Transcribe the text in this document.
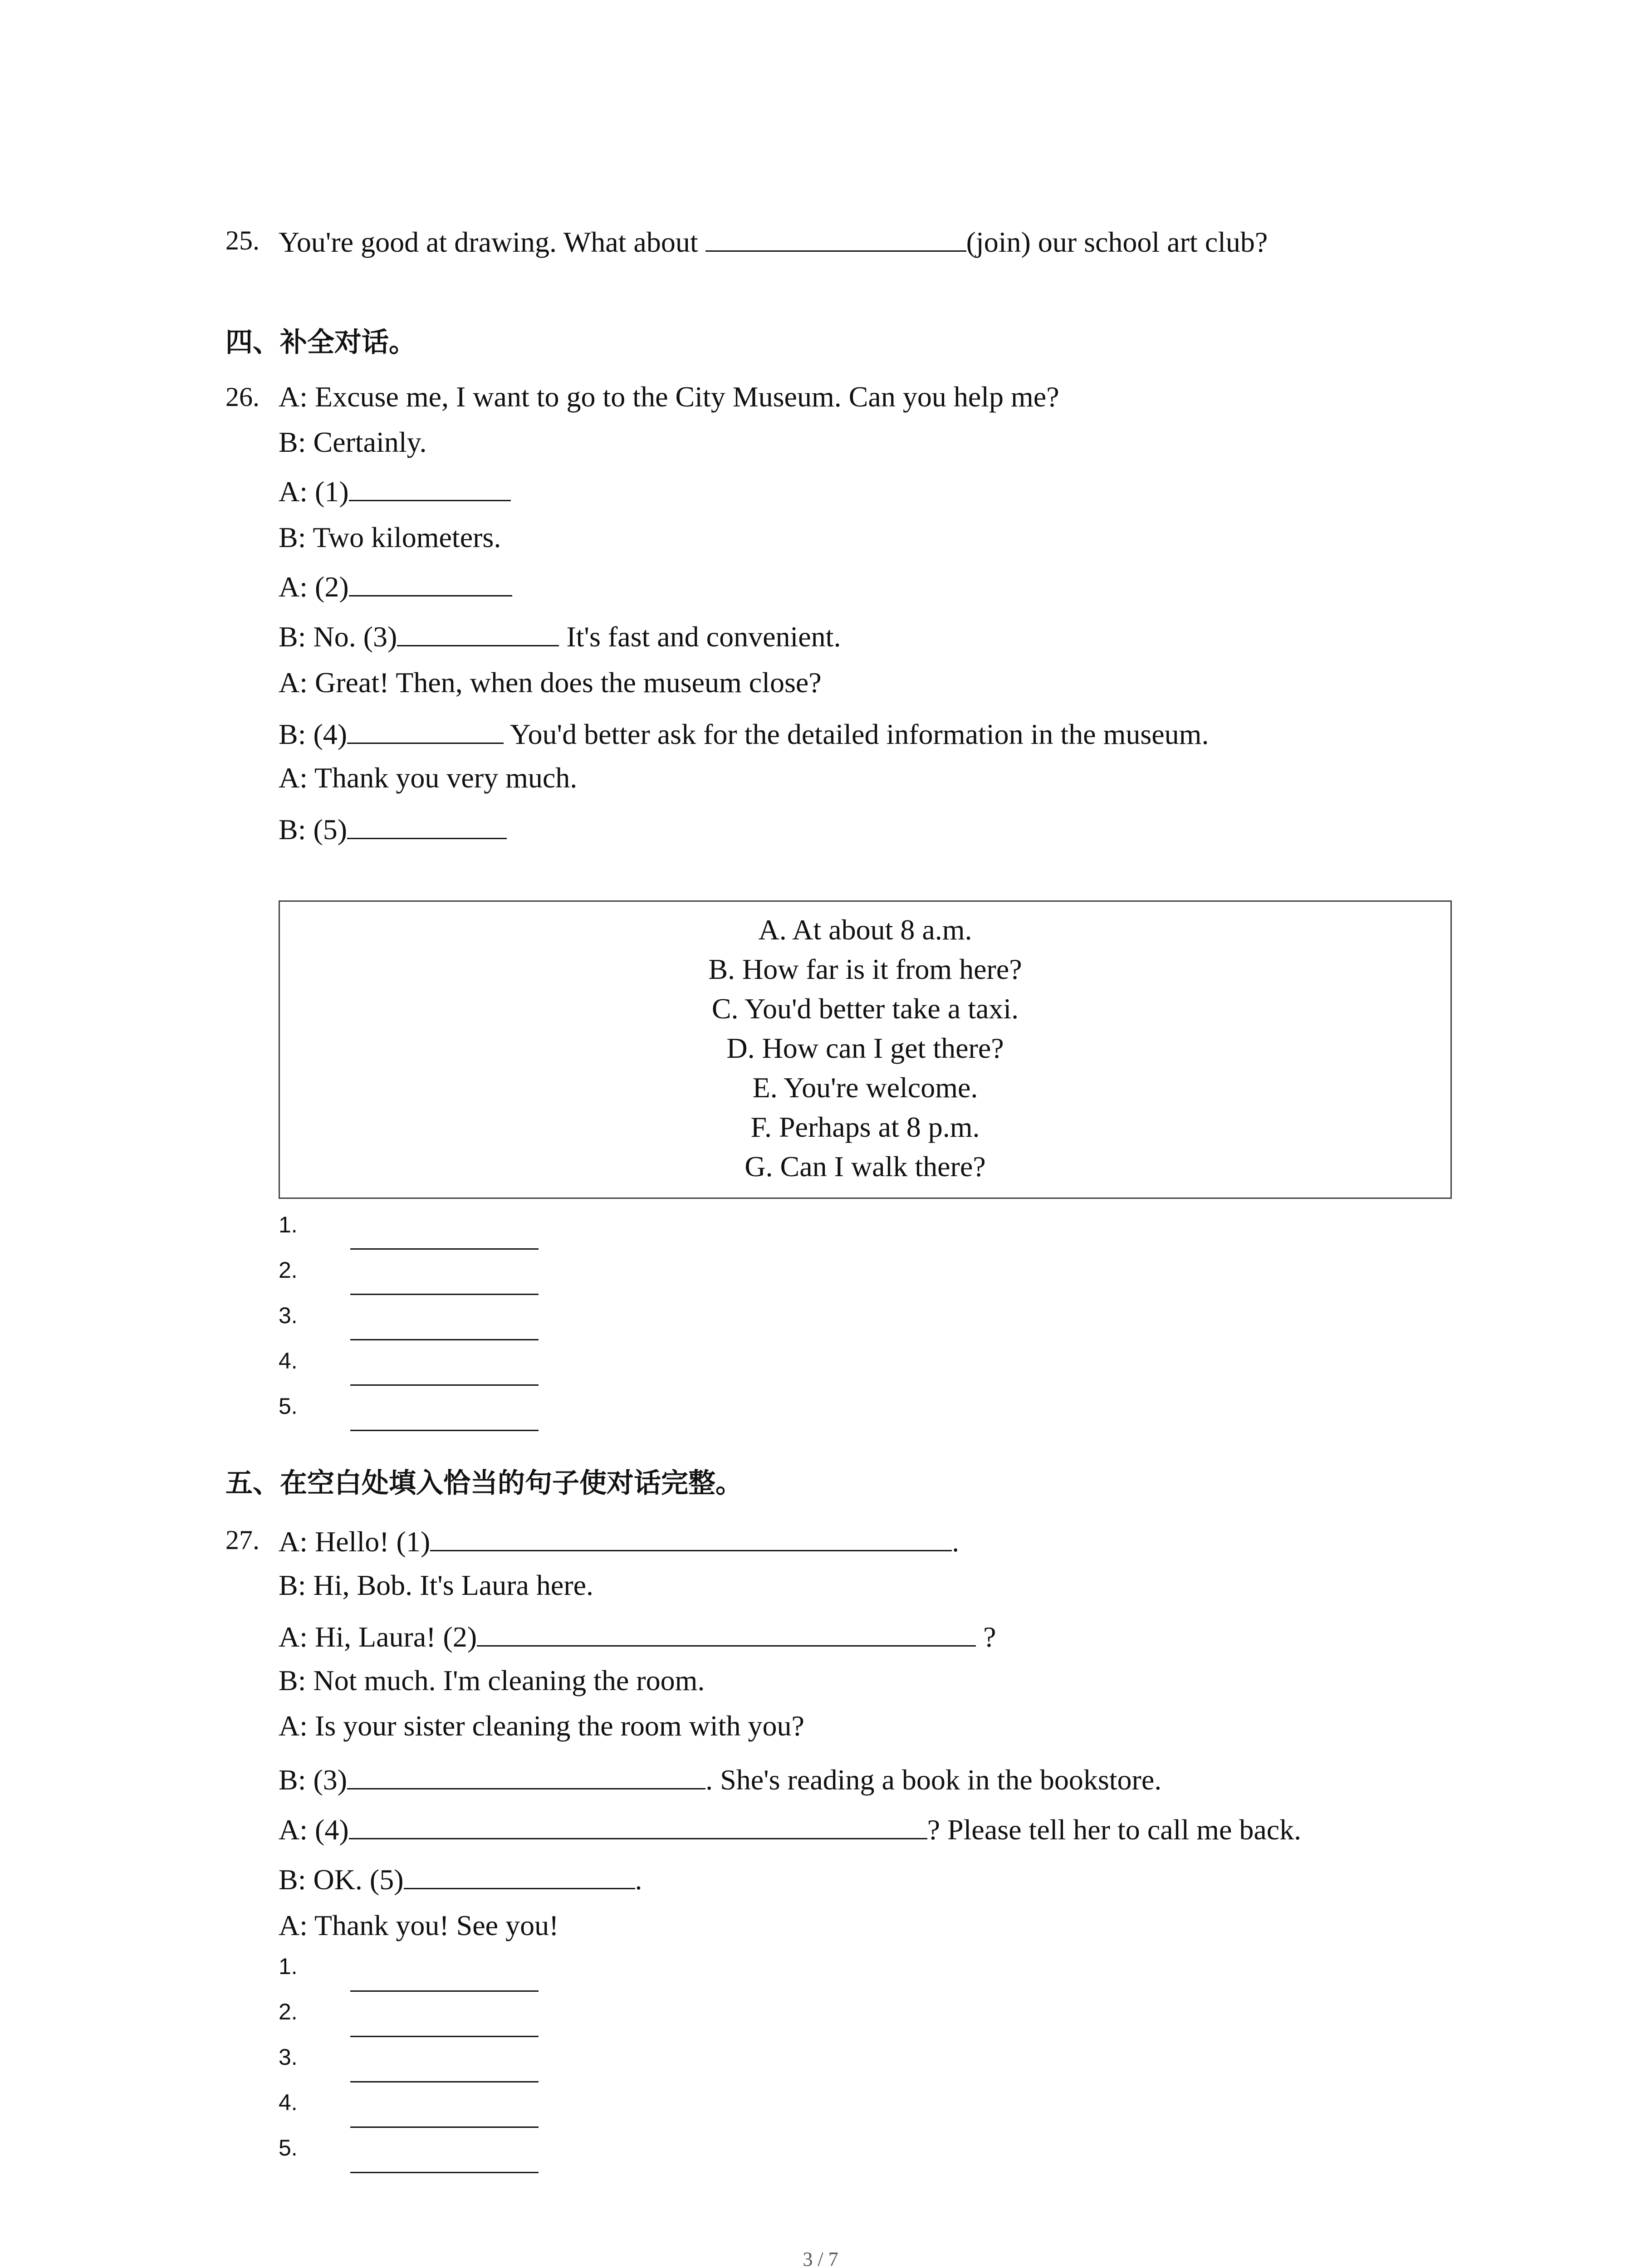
25. You're good at drawing. What about	(join) our school art club?
四、补全对话。
26. A: Excuse me, I want to go to the City Museum. Can you help me?
B: Certainly.
A: (1)
B: Two kilometers.
A: (2)
B: No. (3)	It's fast and convenient.
A: Great! Then, when does the museum close?
B: (4)	You'd better ask for the detailed information in the museum.
A: Thank you very much.
B: (5)
A. At about 8 a.m.
B. How far is it from here?
C. You'd better take a taxi.
D. How can I get there?
E. You're welcome.
F. Perhaps at 8 p.m.
G. Can I walk there?
1.
2.
3.
4.
5.
五、在空白处填入恰当的句子使对话完整。
27. A: Hello! (1)	.
B: Hi, Bob. It's Laura here.
A: Hi, Laura! (2)	?
B: Not much. I'm cleaning the room.
A: Is your sister cleaning the room with you?
B: (3)	. She's reading a book in the bookstore.
A: (4)	? Please tell her to call me back.
B: OK. (5)	.
A: Thank you! See you!
1.
2.
3.
4.
5.
3 / 7
